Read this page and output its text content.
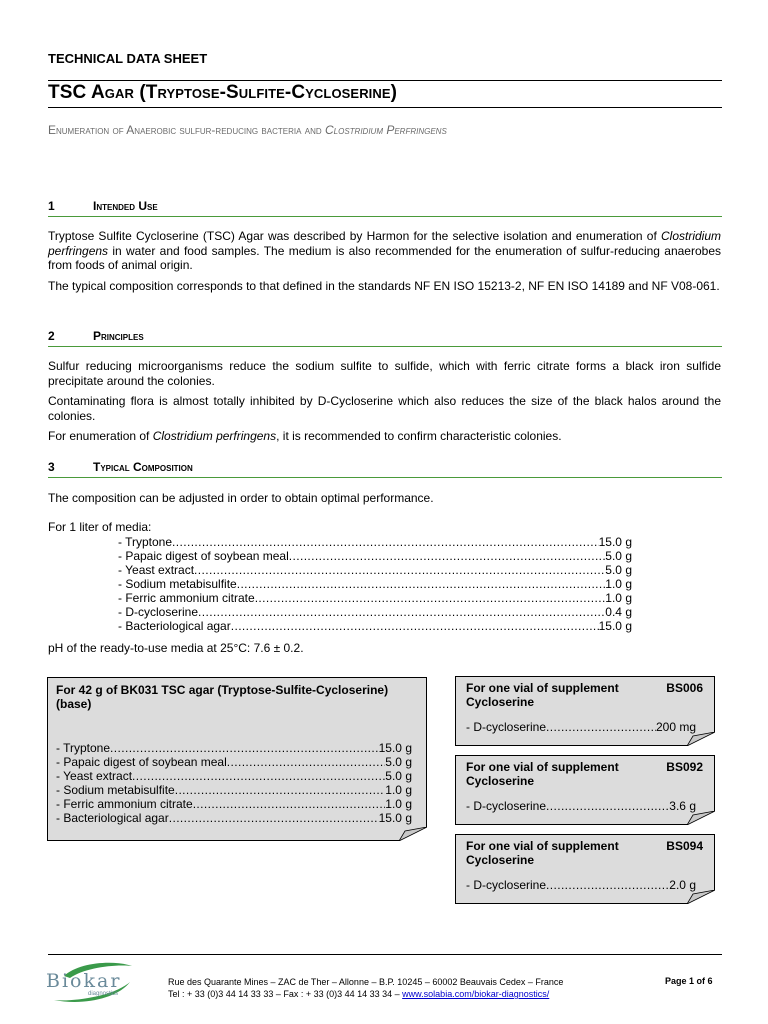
TECHNICAL DATA SHEET
TSC Agar (Tryptose-Sulfite-Cycloserine)
Enumeration of Anaerobic sulfur-reducing bacteria and Clostridium Perfringens
1	Intended Use
Tryptose Sulfite Cycloserine (TSC) Agar was described by Harmon for the selective isolation and enumeration of Clostridium perfringens in water and food samples. The medium is also recommended for the enumeration of sulfur-reducing anaerobes from foods of animal origin.
The typical composition corresponds to that defined in the standards NF EN ISO 15213-2, NF EN ISO 14189 and NF V08-061.
2	Principles
Sulfur reducing microorganisms reduce the sodium sulfite to sulfide, which with ferric citrate forms a black iron sulfide precipitate around the colonies.
Contaminating flora is almost totally inhibited by D-Cycloserine which also reduces the size of the black halos around the colonies.
For enumeration of Clostridium perfringens, it is recommended to confirm characteristic colonies.
3	Typical Composition
The composition can be adjusted in order to obtain optimal performance.
For 1 liter of media:
- Tryptone .....	15.0 g
- Papaic digest of soybean meal .....	5.0 g
- Yeast extract .....	5.0 g
- Sodium metabisulfite .....	1.0 g
- Ferric ammonium citrate .....	1.0 g
- D-cycloserine .....	0.4 g
- Bacteriological agar .....	15.0 g
pH of the ready-to-use media at 25°C: 7.6 ± 0.2.
For 42 g of BK031 TSC agar (Tryptose-Sulfite-Cycloserine) (base)
- Tryptone .....	15.0 g
- Papaic digest of soybean meal .....	5.0 g
- Yeast extract .....	5.0 g
- Sodium metabisulfite .....	1.0 g
- Ferric ammonium citrate .....	1.0 g
- Bacteriological agar .....	15.0 g
For one vial of supplement Cycloserine
BS006
- D-cycloserine .....	200 mg
For one vial of supplement Cycloserine
BS092
- D-cycloserine .....	3.6 g
For one vial of supplement Cycloserine
BS094
- D-cycloserine .....	2.0 g
Biokar
diagnostics
Rue des Quarante Mines – ZAC de Ther – Allonne – B.P. 10245 – 60002 Beauvais Cedex – France
Tel : + 33 (0)3 44 14 33 33 – Fax : + 33 (0)3 44 14 33 34 – www.solabia.com/biokar-diagnostics/
Page 1 of 6
